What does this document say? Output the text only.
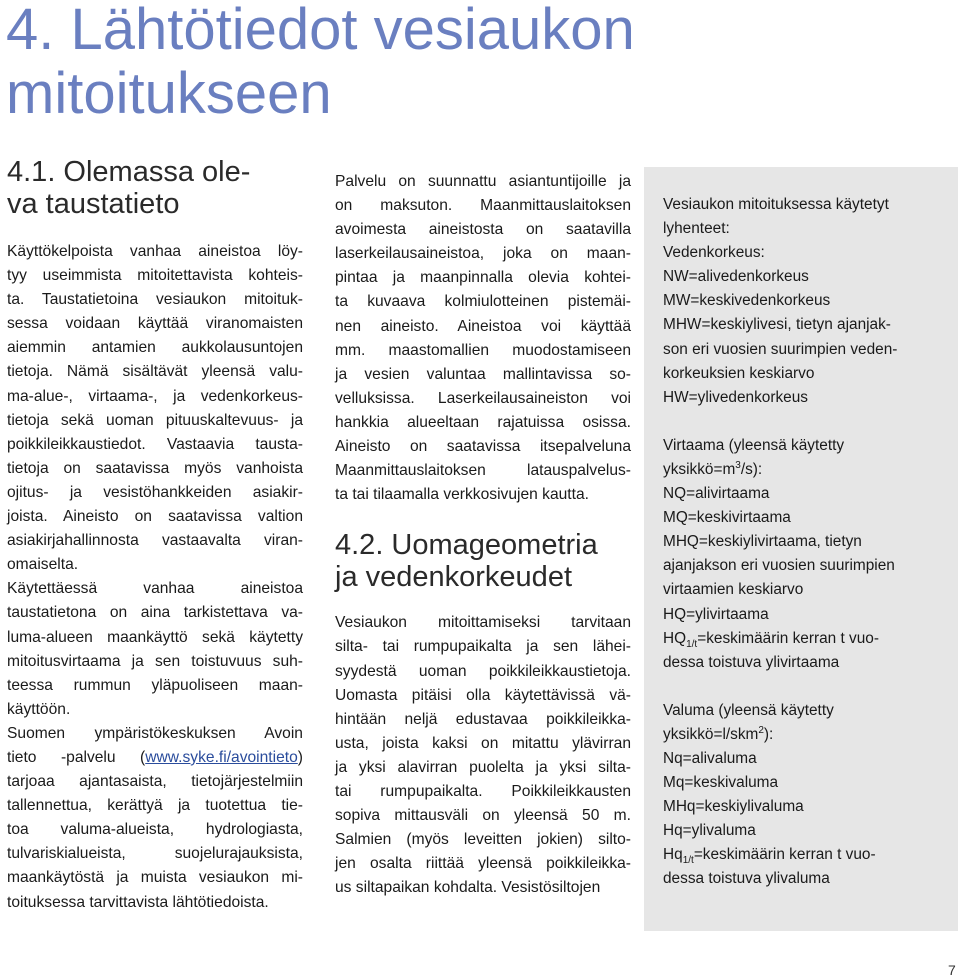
4. Lähtötiedot vesiaukon mitoitukseen
4.1. Olemassa ole-
va taustatieto

Käyttökelpoista vanhaa aineistoa löy-
tyy useimmista mitoitettavista kohteis-
ta. Taustatietoina vesiaukon mitoituk-
sessa voidaan käyttää viranomaisten
aiemmin antamien aukkolausuntojen
tietoja. Nämä sisältävät yleensä valu-
ma-alue-, virtaama-, ja vedenkorkeus-
tietoja sekä uoman pituuskaltevuus- ja
poikkileikkaustiedot. Vastaavia tausta-
tietoja on saatavissa myös vanhoista
ojitus- ja vesistöhankkeiden asiakir-
joista. Aineisto on saatavissa valtion
asiakirjahallinnosta vastaavalta viran-
omaiselta.

Käytettäessä vanhaa aineistoa
taustatietona on aina tarkistettava va-
luma-alueen maankäyttö sekä käytetty
mitoitusvirtaama ja sen toistuvuus suh-
teessa rummun yläpuoliseen maan-
käyttöön.

Suomen ympäristökeskuksen Avoin
tieto -palvelu (www.syke.fi/avointieto)

tarjoaa ajantasaista, tietojärjestelmiin
tallennettua, kerättyä ja tuotettua tie-
toa valuma-alueista, hydrologiasta,
tulvariskialueista, suojelurajauksista,
maankäytöstä ja muista vesiaukon mi-
toituksessa tarvittavista lähtötiedoista.

Palvelu on suunnattu asiantuntijoille ja
on maksuton. Maanmittauslaitoksen
avoimesta aineistosta on saatavilla
laserkeilausaineistoa, joka on maan-
pintaa ja maanpinnalla olevia kohtei-
ta kuvaava kolmiulotteinen pistemäi-
nen aineisto. Aineistoa voi käyttää
mm. maastomallien muodostamiseen
ja vesien valuntaa mallintavissa so-
velluksissa. Laserkeilausaineiston voi
hankkia alueeltaan rajatuissa osissa.
Aineisto on saatavissa itsepalveluna
Maanmittauslaitoksen latauspalvelus-
ta tai tilaamalla verkkosivujen kautta.

4.2. Uomageometria
ja vedenkorkeudet

Vesiaukon mitoittamiseksi tarvitaan
silta- tai rumpupaikalta ja sen lähei-
syydestä uoman poikkileikkaustietoja.
Uomasta pitäisi olla käytettävissä vä-
hintään neljä edustavaa poikkileikka-
usta, joista kaksi on mitattu ylävirran
ja yksi alavirran puolelta ja yksi silta-
tai rumpupaikalta. Poikkileikkausten
sopiva mittausväli on yleensä 50 m.
Salmien (myös leveitten jokien) silto-
jen osalta riittää yleensä poikkileikka-
us siltapaikan kohdalta. Vesistösiltojen

Vesiaukon mitoituksessa käytetyt
lyhenteet:
Vedenkorkeus:
NW=alivedenkorkeus
MW=keskivedenkorkeus
MHW=keskiylivesi, tietyn ajanjak-
son eri vuosien suurimpien veden-
korkeuksien keskiarvo
HW=ylivedenkorkeus
Virtaama (yleensä käytetty
$yksikkö=m^3/s$):
NQ=alivirtaama
MQ=keskivirtaama
MHQ=keskiylivirtaama, tietyn
ajanjakson eri vuosien suurimpien
virtaamien keskiarvo
HQ=ylivirtaama
$HQ_{1/t}=keskimäärin$ kerran t vuo-
dessa toistuva ylivirtaama
Valuma (yleensä käytetty
yksikkö=l/skm$^2$):
Nq=alivaluma
Mq=keskivaluma
MHq=keskiylivaluma
Hq=ylivaluma
$Hq_{1/t}=keskimäärin$ kerran t vuo-
dessa toistuva ylivaluma
7
